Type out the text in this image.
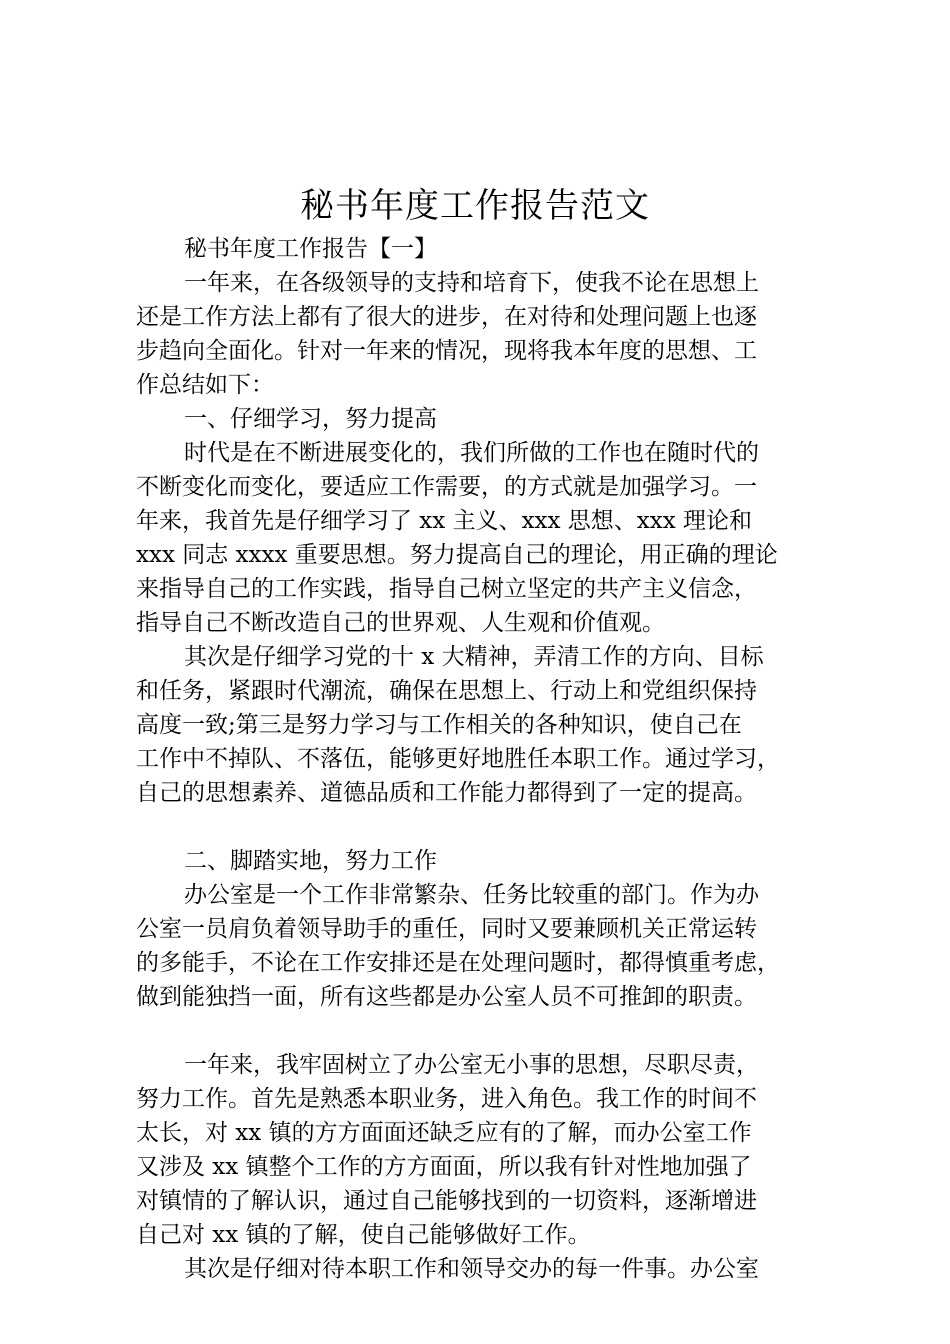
秘书年度工作报告范文
秘书年度工作报告【一】
一年来，在各级领导的支持和培育下，使我不论在思想上
还是工作方法上都有了很大的进步，在对待和处理问题上也逐
步趋向全面化。针对一年来的情况，现将我本年度的思想、工
作总结如下：
一、仔细学习，努力提高
时代是在不断进展变化的，我们所做的工作也在随时代的
不断变化而变化，要适应工作需要，的方式就是加强学习。一
年来，我首先是仔细学习了 xx 主义、xxx 思想、xxx 理论和
xxx 同志 xxxx 重要思想。努力提高自己的理论，用正确的理论
来指导自己的工作实践，指导自己树立坚定的共产主义信念，
指导自己不断改造自己的世界观、人生观和价值观。
其次是仔细学习党的十 x 大精神，弄清工作的方向、目标
和任务，紧跟时代潮流，确保在思想上、行动上和党组织保持
高度一致;第三是努力学习与工作相关的各种知识，使自己在
工作中不掉队、不落伍，能够更好地胜任本职工作。通过学习，
自己的思想素养、道德品质和工作能力都得到了一定的提高。
二、脚踏实地，努力工作
办公室是一个工作非常繁杂、任务比较重的部门。作为办
公室一员肩负着领导助手的重任，同时又要兼顾机关正常运转
的多能手，不论在工作安排还是在处理问题时，都得慎重考虑，
做到能独挡一面，所有这些都是办公室人员不可推卸的职责。
一年来，我牢固树立了办公室无小事的思想，尽职尽责，
努力工作。首先是熟悉本职业务，进入角色。我工作的时间不
太长，对 xx 镇的方方面面还缺乏应有的了解，而办公室工作
又涉及 xx 镇整个工作的方方面面，所以我有针对性地加强了
对镇情的了解认识，通过自己能够找到的一切资料，逐渐增进
自己对 xx 镇的了解，使自己能够做好工作。
其次是仔细对待本职工作和领导交办的每一件事。办公室
